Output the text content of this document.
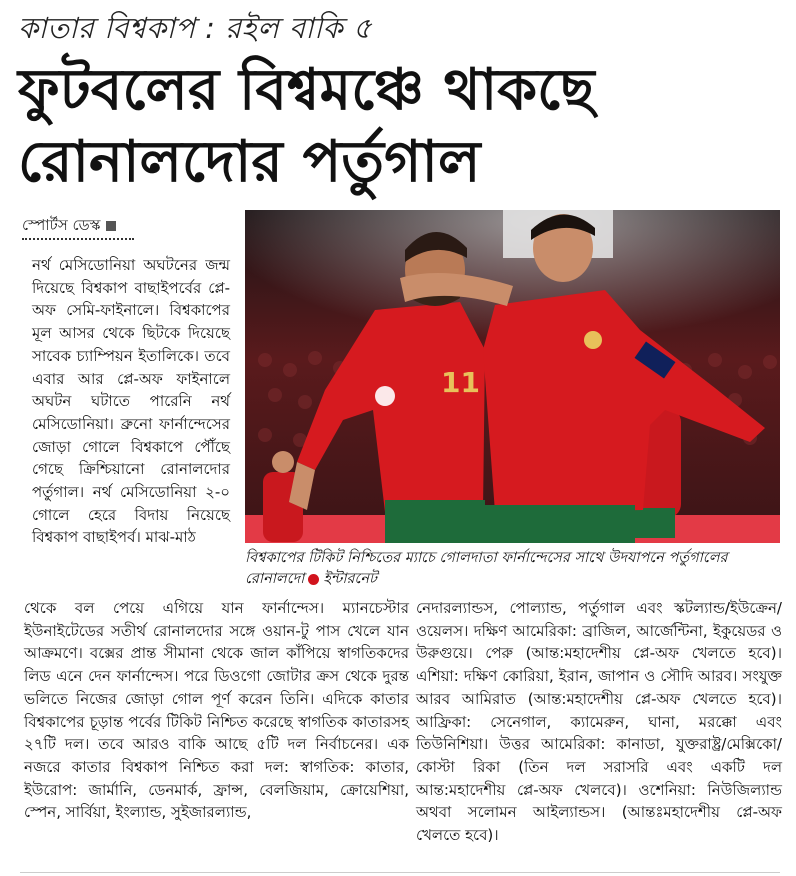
কাতার বিশ্বকাপ : রইল বাকি ৫
ফুটবলের বিশ্বমঞ্চে থাকছে
রোনালদোর পর্তুগাল
স্পোর্টস ডেস্ক
11
বিশ্বকাপের টিকিট নিশ্চিতের ম্যাচে গোলদাতা ফার্নান্দেসের সাথে উদযাপনে পর্তুগালের রোনালদো ইন্টারনেট

নর্থ মেসিডোনিয়া অঘটনের জন্ম দিয়েছে বিশ্বকাপ বাছাইপর্বের প্লে-অফ সেমি-ফাইনালে। বিশ্বকাপের মূল আসর থেকে ছিটকে দিয়েছে সাবেক চ্যাম্পিয়ন ইতালিকে। তবে এবার আর প্লে-অফ ফাইনালে অঘটন ঘটাতে পারেনি নর্থ মেসিডোনিয়া। ব্রুনো ফার্নান্দেসের জোড়া গোলে বিশ্বকাপে পৌঁছে গেছে ক্রিশ্চিয়ানো রোনালদোর পর্তুগাল। নর্থ মেসিডোনিয়া ২-০ গোলে হেরে বিদায় নিয়েছে বিশ্বকাপ বাছাইপর্ব। মাঝ-মাঠ

থেকে বল পেয়ে এগিয়ে যান ফার্নান্দেস। ম্যানচেস্টার ইউনাইটেডের সতীর্থ রোনালদোর সঙ্গে ওয়ান-টু পাস খেলে যান আক্রমণে। বক্সের প্রান্ত সীমানা থেকে জাল কাঁপিয়ে স্বাগতিকদের লিড এনে দেন ফার্নান্দেস। পরে ডিওগো জোটার ক্রস থেকে দুরন্ত ভলিতে নিজের জোড়া গোল পূর্ণ করেন তিনি। এদিকে কাতার বিশ্বকাপের চূড়ান্ত পর্বের টিকিট নিশ্চিত করেছে স্বাগতিক কাতারসহ ২৭টি দল। তবে আরও বাকি আছে ৫টি দল নির্বাচনের। এক নজরে কাতার বিশ্বকাপ নিশ্চিত করা দল: স্বাগতিক: কাতার, ইউরোপ: জার্মানি, ডেনমার্ক, ফ্রান্স, বেলজিয়াম, ক্রোয়েশিয়া, স্পেন, সার্বিয়া, ইংল্যান্ড, সুইজারল্যান্ড,

নেদারল্যান্ডস, পোল্যান্ড, পর্তুগাল এবং স্কটল্যান্ড/ইউক্রেন/ওয়েলস। দক্ষিণ আমেরিকা: ব্রাজিল, আর্জেন্টিনা, ইকুয়েডর ও উরুগুয়ে। পেরু (আন্ত:মহাদেশীয় প্লে-অফ খেলতে হবে)। এশিয়া: দক্ষিণ কোরিয়া, ইরান, জাপান ও সৌদি আরব। সংযুক্ত আরব আমিরাত (আন্ত:মহাদেশীয় প্লে-অফ খেলতে হবে)। আফ্রিকা: সেনেগাল, ক্যামেরুন, ঘানা, মরক্কো এবং তিউনিশিয়া। উত্তর আমেরিকা: কানাডা, যুক্তরাষ্ট্র/মেক্সিকো/কোস্টা রিকা (তিন দল সরাসরি এবং একটি দল আন্ত:মহাদেশীয় প্লে-অফ খেলবে)। ওশেনিয়া: নিউজিল্যান্ড অথবা সলোমন আইল্যান্ডস। (আন্তঃমহাদেশীয় প্লে-অফ খেলতে হবে)।
